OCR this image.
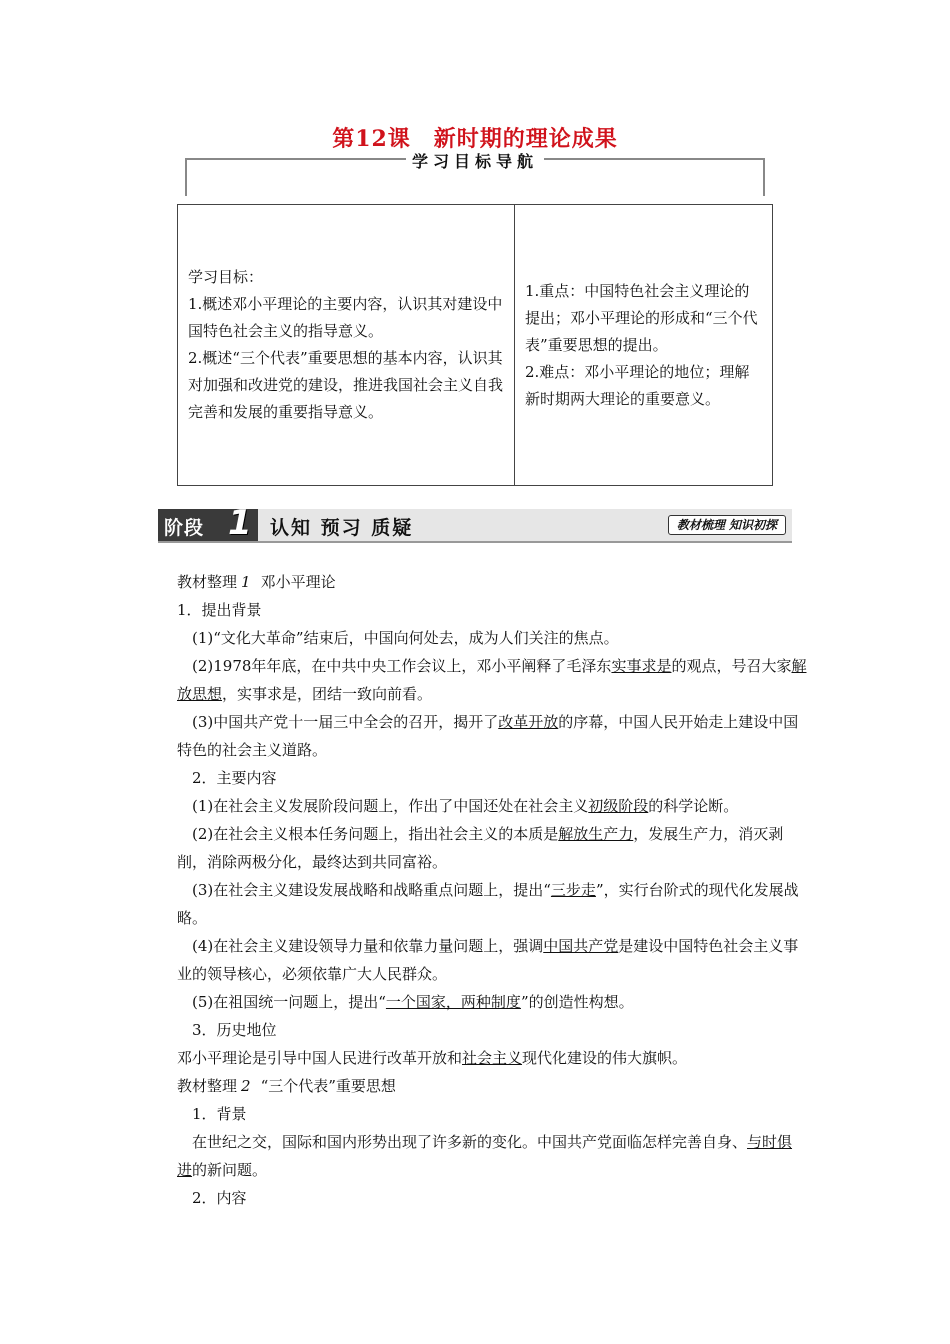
第12课　新时期的理论成果
学习目标导航
学习目标：
1.概述邓小平理论的主要内容，认识其对建设中国特色社会主义的指导意义。
2.概述“三个代表”重要思想的基本内容，认识其对加强和改进党的建设，推进我国社会主义自我完善和发展的重要指导意义。
1.重点：中国特色社会主义理论的提出；邓小平理论的形成和“三个代表”重要思想的提出。
2.难点：邓小平理论的地位；理解新时期两大理论的重要意义。
阶段 1 认知 预习 质疑	教材梳理 知识初探

教材整理 1 邓小平理论

1．提出背景

(1)“文化大革命”结束后，中国向何处去，成为人们关注的焦点。

(2)1978年年底，在中共中央工作会议上，邓小平阐释了毛泽东实事求是的观点，号召大家解放思想，实事求是，团结一致向前看。

(3)中国共产党十一届三中全会的召开，揭开了改革开放的序幕，中国人民开始走上建设中国特色的社会主义道路。

2．主要内容

(1)在社会主义发展阶段问题上，作出了中国还处在社会主义初级阶段的科学论断。

(2)在社会主义根本任务问题上，指出社会主义的本质是解放生产力，发展生产力，消灭剥削，消除两极分化，最终达到共同富裕。

(3)在社会主义建设发展战略和战略重点问题上，提出“三步走”，实行台阶式的现代化发展战略。

(4)在社会主义建设领导力量和依靠力量问题上，强调中国共产党是建设中国特色社会主义事业的领导核心，必须依靠广大人民群众。

(5)在祖国统一问题上，提出“一个国家，两种制度”的创造性构想。

3．历史地位

邓小平理论是引导中国人民进行改革开放和社会主义现代化建设的伟大旗帜。

教材整理 2 “三个代表”重要思想

1．背景

在世纪之交，国际和国内形势出现了许多新的变化。中国共产党面临怎样完善自身、与时俱进的新问题。

2．内容
